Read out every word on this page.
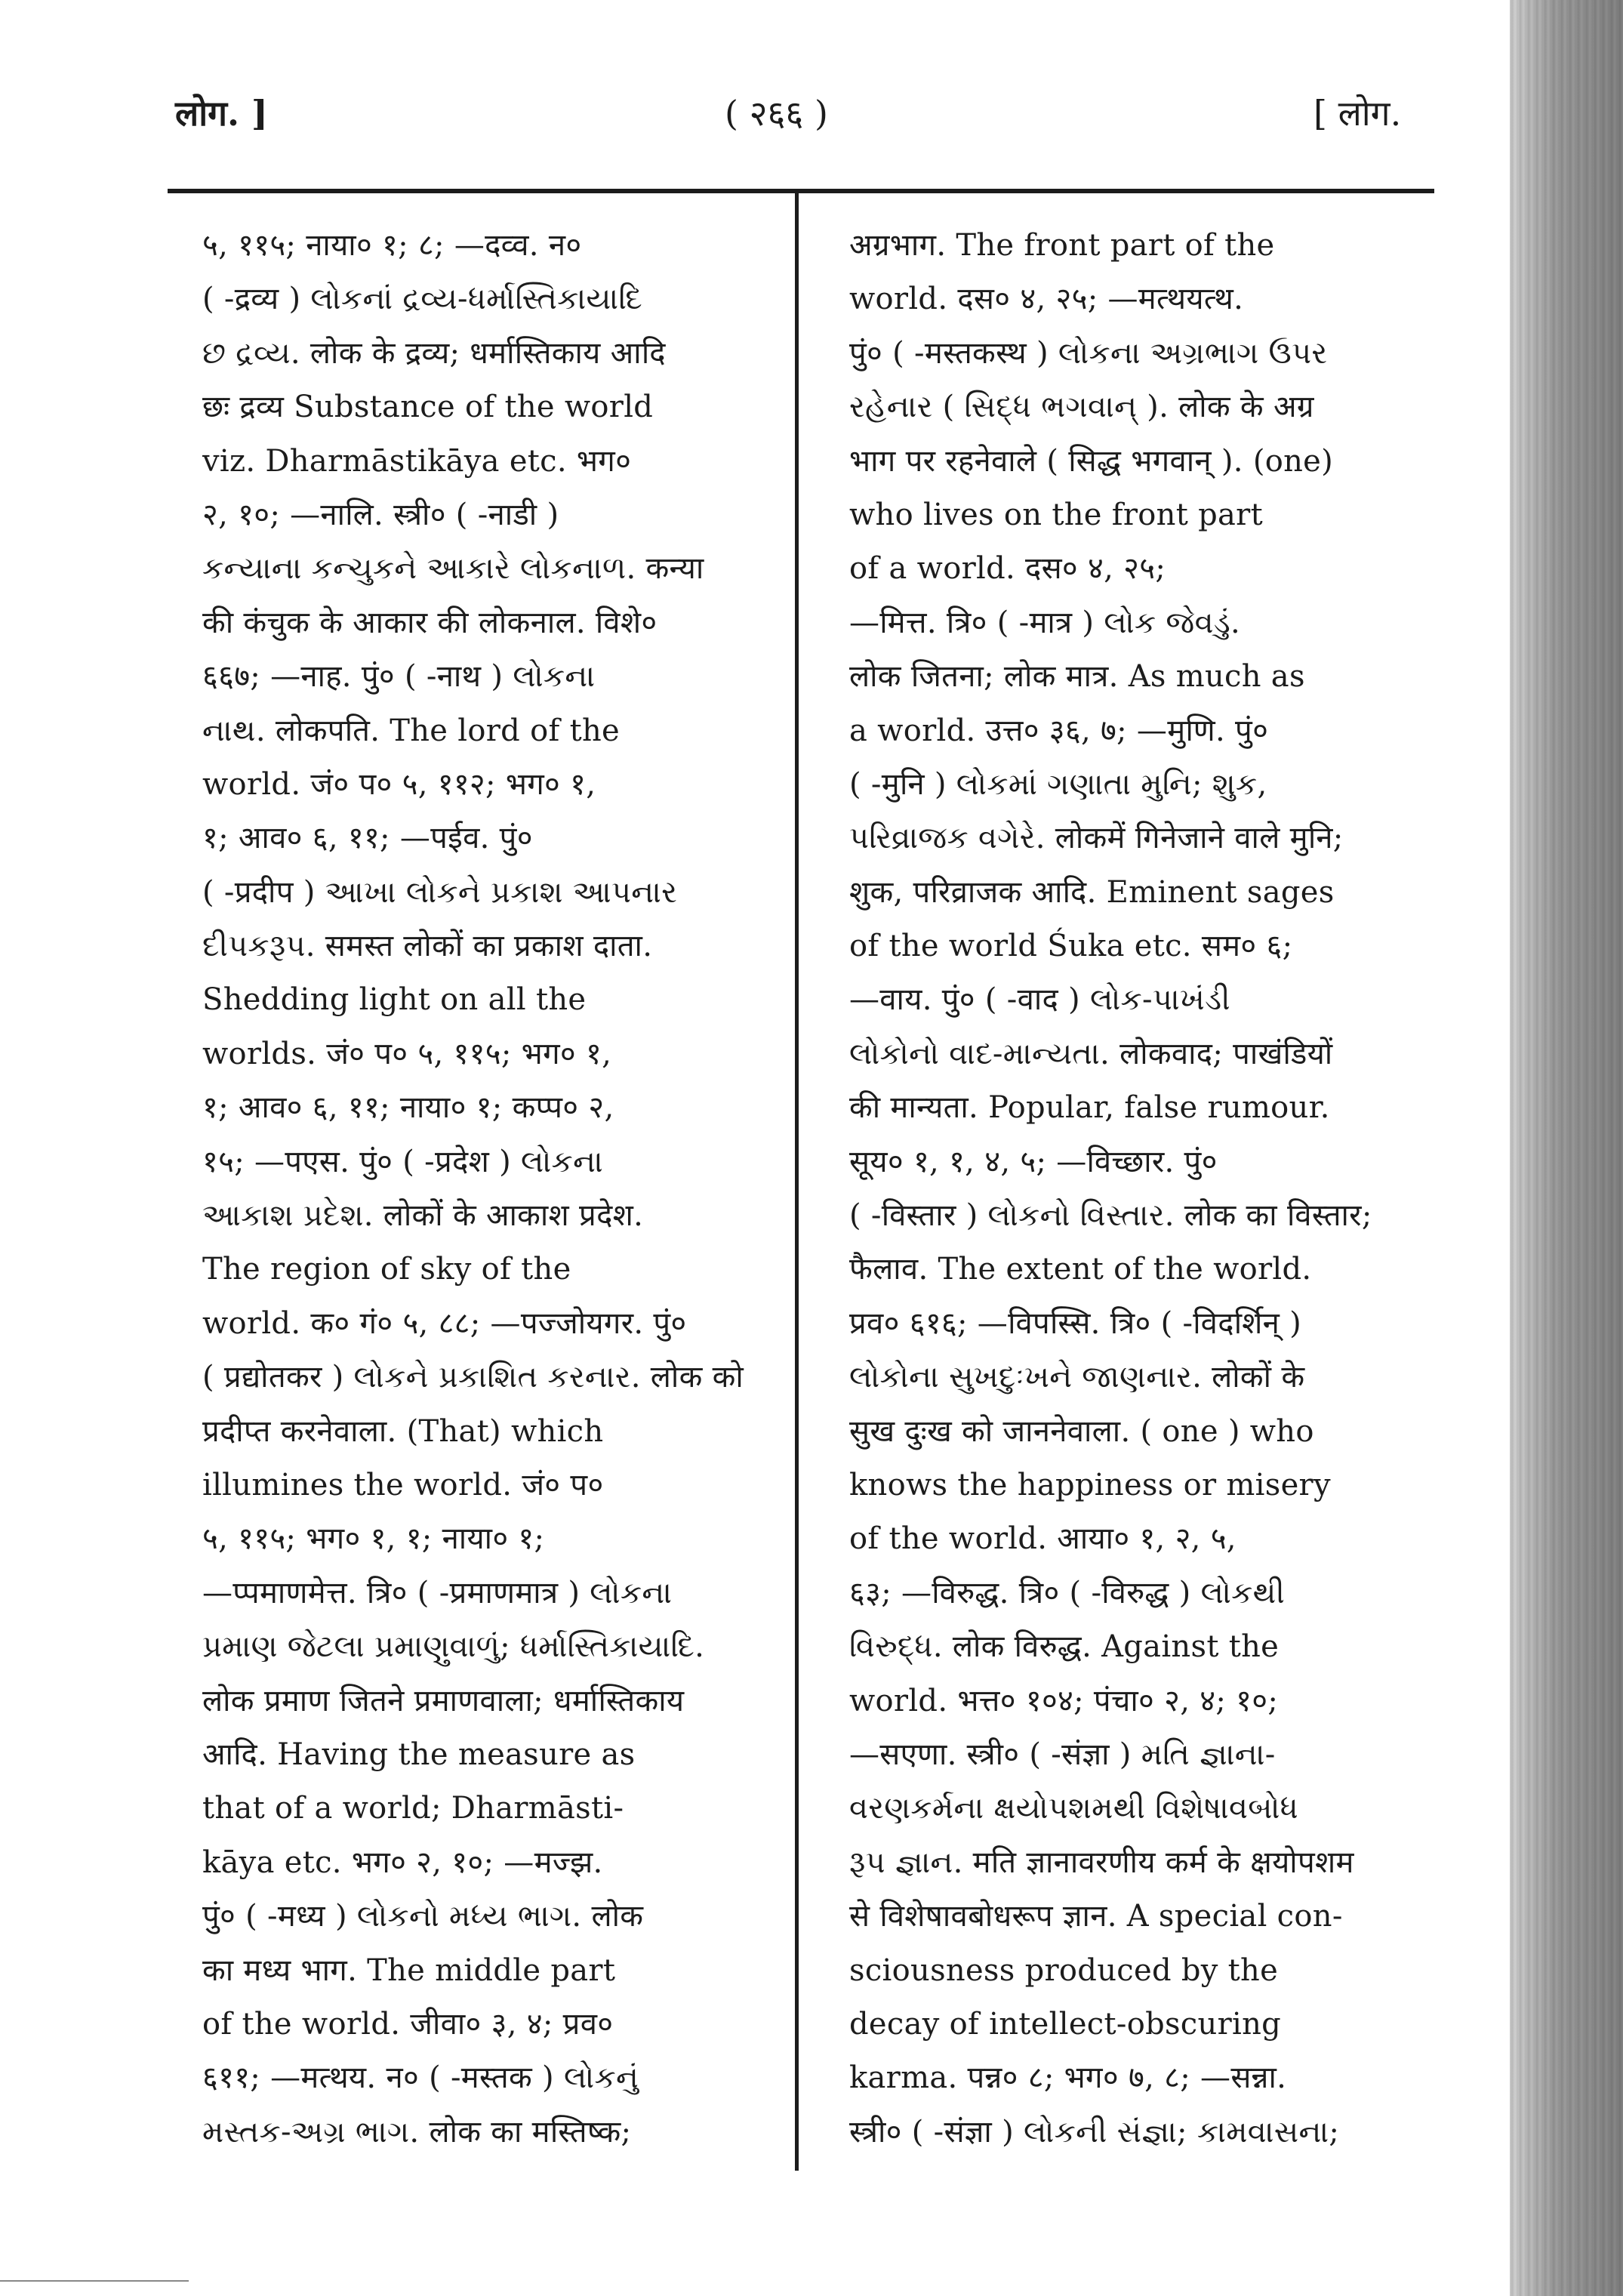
लोग. ]	( २६६ )	[ लोग.
५, ११५; नाया० १; ८; —दव्व. न०
( -द्रव्य ) લોકનાં દ્રવ્ય-ધર્માસ્તિકાયાદિ
છ દ્રવ્ય. लोक के द्रव्य; धर्मास्तिकाय आदि
छः द्रव्य Substance of the world
viz. Dharmāstikāya etc. भग०
२, १०; —नालि. स्त्री० ( -नाडी )
કન્યાના કન્ચુકને આકારે લોકનાળ. कन्या
की कंचुक के आकार की लोकनाल. विशे०
६६७; —नाह. पुं० ( -नाथ ) લોકના
નાથ. लोकपति. The lord of the
world. जं० प० ५, ११२; भग० १,
१; आव० ६, ११; —पईव. पुं०
( -प्रदीप ) આખા લોકને પ્રકાશ આપનાર
દીપકરૂપ. समस्त लोकों का प्रकाश दाता.
Shedding light on all the
worlds. जं० प० ५, ११५; भग० १,
१; आव० ६, ११; नाया० १; कप्प० २,
१५; —पएस. पुं० ( -प्रदेश ) લોકના
આકાશ પ્રદેશ. लोकों के आकाश प्रदेश.
The region of sky of the
world. क० गं० ५, ८८; —पज्जोयगर. पुं०
( प्रद्योतकर ) લોકને પ્રકાશિત કરનાર. लोक को
प्रदीप्त करनेवाला. (That) which
illumines the world. जं० प०
५, ११५; भग० १, १; नाया० १;
—प्पमाणमेत्त. त्रि० ( -प्रमाणमात्र ) લોકના
પ્રમાણ જેટલા પ્રમાણુવાળું; ધર્માસ્તિકાયાદિ.
लोक प्रमाण जितने प्रमाणवाला; धर्मास्तिकाय
आदि. Having the measure as
that of a world; Dharmāsti-
kāya etc. भग० २, १०; —मज्झ.
पुं० ( -मध्य ) લોકનો મધ્ય ભાગ. लोक
का मध्य भाग. The middle part
of the world. जीवा० ३, ४; प्रव०
६११; —मत्थय. न० ( -मस्तक ) લોકનું
મસ્તક-અગ્ર ભાગ. लोक का मस्तिष्क;
अग्रभाग. The front part of the
world. दस० ४, २५; —मत्थयत्थ.
पुं० ( -मस्तकस्थ ) લોકના અગ્રભાગ ઉપર
રહેનાર ( સિદ્ધ ભગવાન્ ). लोक के अग्र
भाग पर रहनेवाले ( सिद्ध भगवान् ). (one)
who lives on the front part
of a world. दस० ४, २५;
—मित्त. त्रि० ( -मात्र ) લોક જેવડું.
लोक जितना; लोक मात्र. As much as
a world. उत्त० ३६, ७; —मुणि. पुं०
( -मुनि ) લોકમાં ગણાતા મુનિ; શુક,
પરિવ્રાજક વગેરે. लोकमें गिनेजाने वाले मुनि;
शुक, परिव्राजक आदि. Eminent sages
of the world Śuka etc. सम० ६;
—वाय. पुं० ( -वाद ) લોક-પાખંડી
લોકોનો વાદ-માન્યતા. लोकवाद; पाखंडियों
की मान्यता. Popular, false rumour.
सूय० १, १, ४, ५; —विच्छार. पुं०
( -विस्तार ) લોકનો વિસ્તાર. लोक का विस्तार;
फैलाव. The extent of the world.
प्रव० ६१६; —विपस्सि. त्रि० ( -विदर्शिन् )
લોકોના સુખદુઃખને જાણનાર. लोकों के
सुख दुःख को जाननेवाला. ( one ) who
knows the happiness or misery
of the world. आया० १, २, ५,
६३; —विरुद्ध. त्रि० ( -विरुद्ध ) લોકથી
વિરુદ્ધ. लोक विरुद्ध. Against the
world. भत्त० १०४; पंचा० २, ४; १०;
—सएणा. स्त्री० ( -संज्ञा ) મતિ જ્ઞાના-
વરણકર્મના ક્ષયોપશમથી વિશેષાવબોધ
રૂપ જ્ઞાન. मति ज्ञानावरणीय कर्म के क्षयोपशम
से विशेषावबोधरूप ज्ञान. A special con-
sciousness produced by the
decay of intellect-obscuring
karma. पन्न० ८; भग० ७, ८; —सन्ना.
स्त्री० ( -संज्ञा ) લોકની સંજ્ઞા; કામવાસના;
